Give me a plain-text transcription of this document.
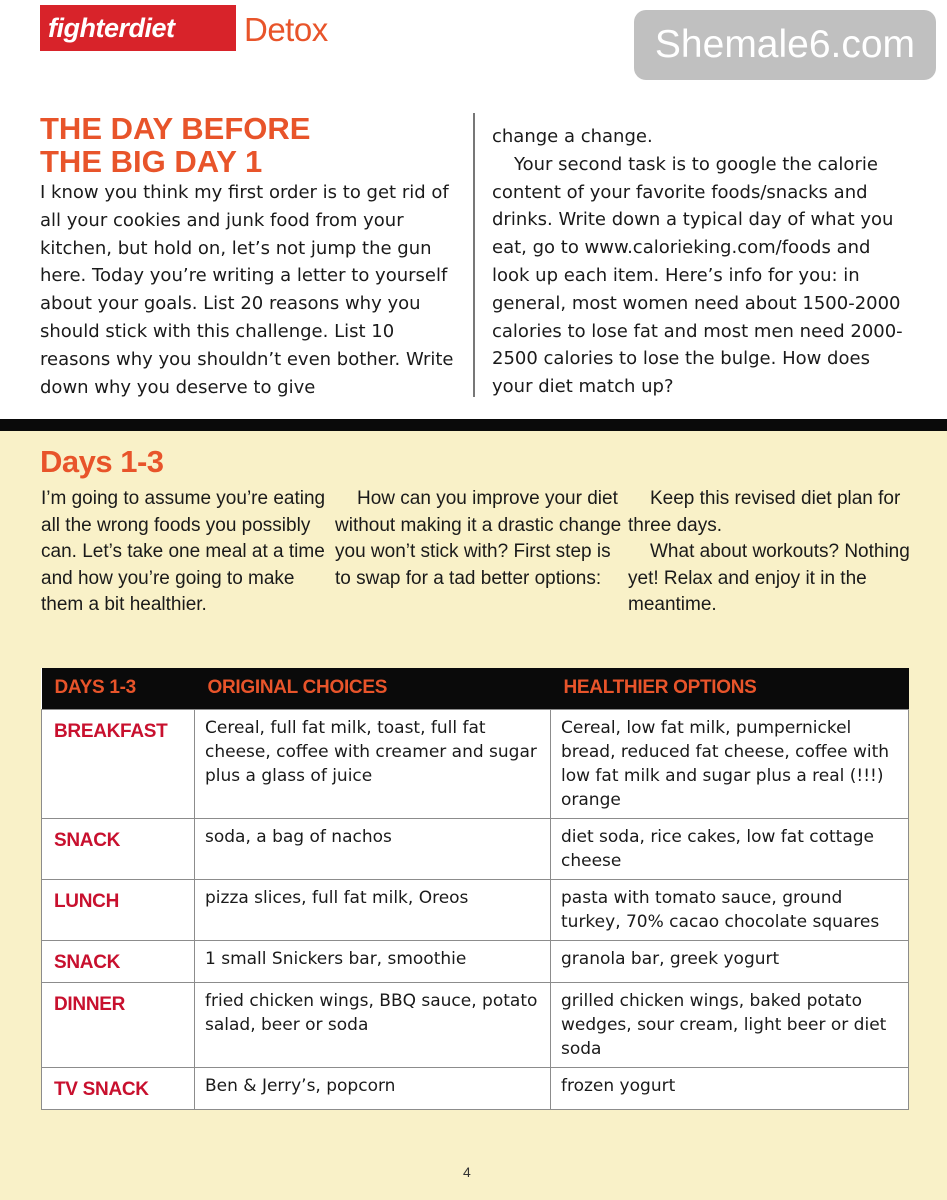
fighterdiet	Detox	Shemale6.com
THE DAY BEFORE
THE BIG DAY 1
I know you think my first order is to get rid of all your cookies and junk food from your kitchen, but hold on, let’s not jump the gun here. Today you’re writing a letter to yourself about your goals. List 20 reasons why you should stick with this challenge. List 10 reasons why you shouldn’t even bother. Write down why you deserve to give
change a change.
Your second task is to google the calorie content of your favorite foods/snacks and drinks. Write down a typical day of what you eat, go to www.calorieking.com/foods and look up each item. Here’s info for you: in general, most women need about 1500-2000 calories to lose fat and most men need 2000-2500 calories to lose the bulge. How does your diet match up?
Days 1-3
I’m going to assume you’re eating all the wrong foods you possibly can. Let’s take one meal at a time and how you’re going to make them a bit healthier.
How can you improve your diet without making it a drastic change you won’t stick with? First step is to swap for a tad better options:
Keep this revised diet plan for three days.
What about workouts? Nothing yet! Relax and enjoy it in the meantime.
DAYS 1-3	ORIGINAL CHOICES	HEALTHIER OPTIONS
BREAKFAST	Cereal, full fat milk, toast, full fat cheese, coffee with creamer and sugar plus a glass of juice	Cereal, low fat milk, pumpernickel bread, reduced fat cheese, coffee with low fat milk and sugar plus a real (!!!) orange
SNACK	soda, a bag of nachos	diet soda, rice cakes, low fat cottage cheese
LUNCH	pizza slices, full fat milk, Oreos	pasta with tomato sauce, ground turkey, 70% cacao chocolate squares
SNACK	1 small Snickers bar, smoothie	granola bar, greek yogurt
DINNER	fried chicken wings, BBQ sauce, potato salad, beer or soda	grilled chicken wings, baked potato wedges, sour cream, light beer or diet soda
TV SNACK	Ben & Jerry’s, popcorn	frozen yogurt
4
